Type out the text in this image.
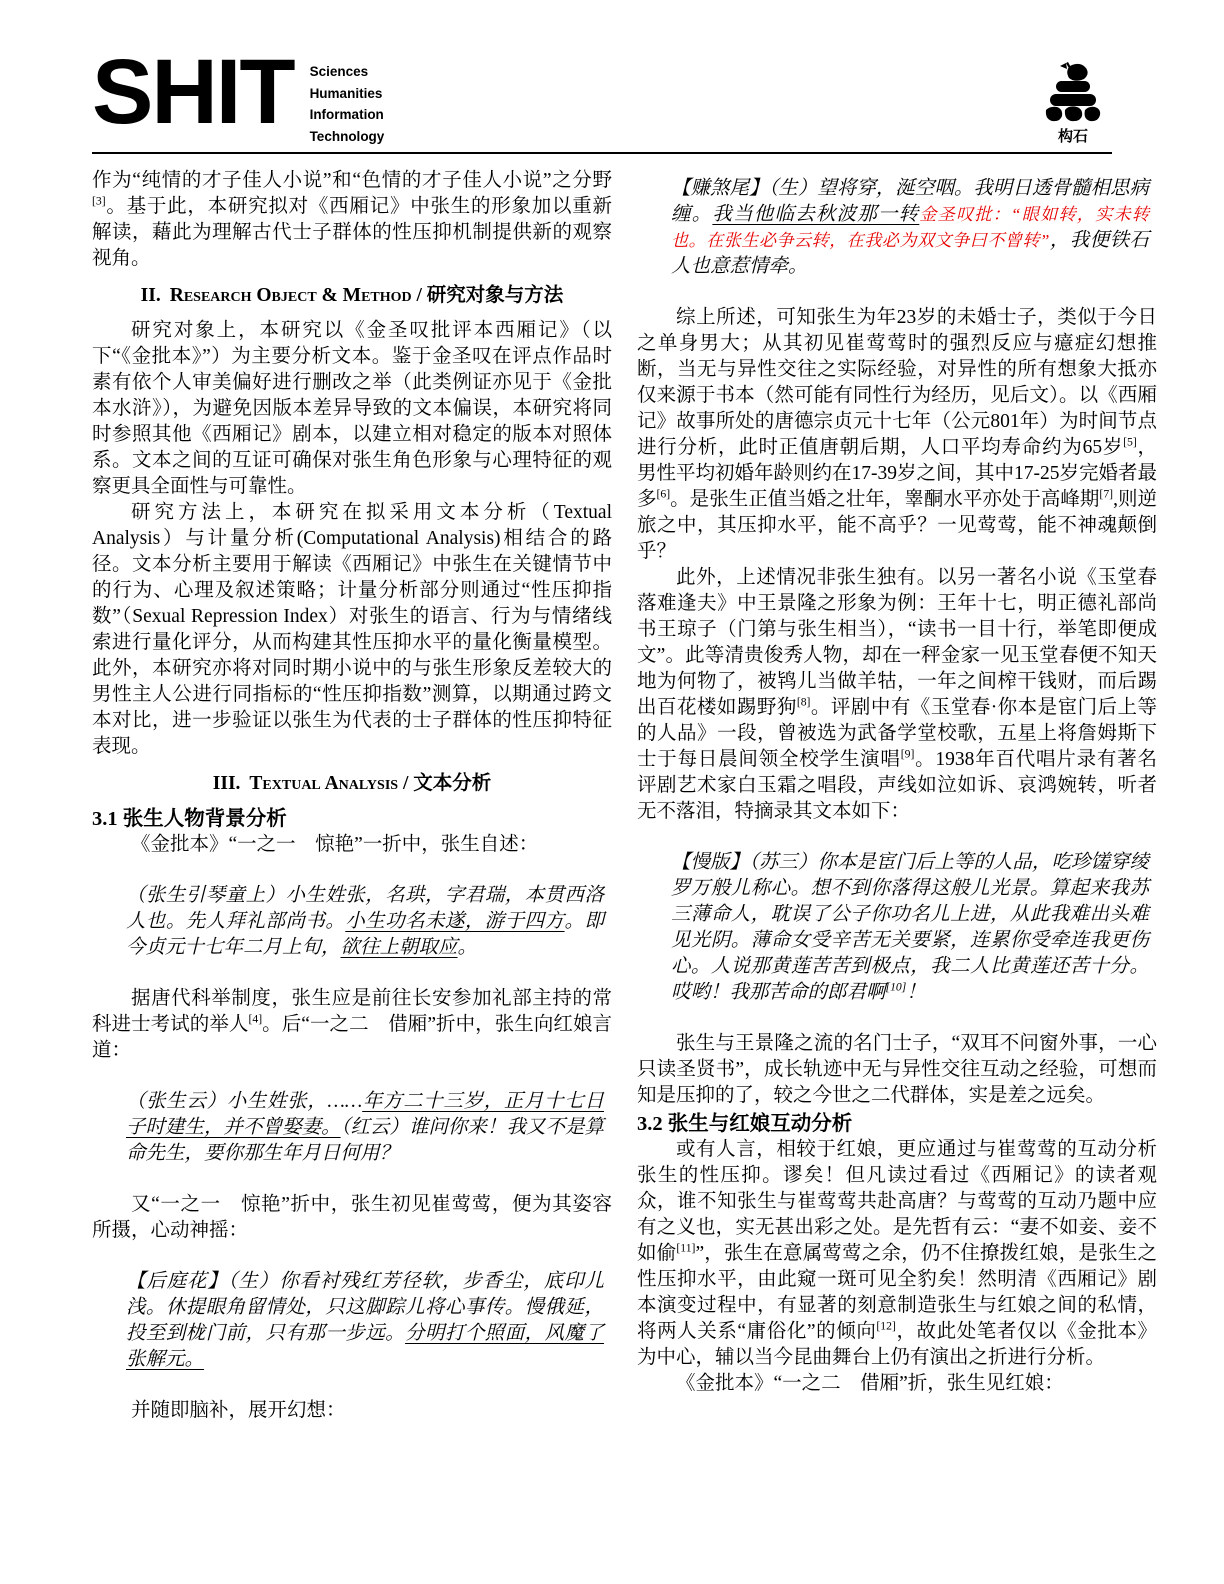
SHIT Sciences
Humanities
Information
Technology	构石
作为“纯情的才子佳人小说”和“色情的才子佳人小说”之分野[3]。基于此，本研究拟对《西厢记》中张生的形象加以重新解读，藉此为理解古代士子群体的性压抑机制提供新的观察视角。
II. Research Object & Method / 研究对象与方法
研究对象上，本研究以《金圣叹批评本西厢记》（以下“《金批本》”）为主要分析文本。鉴于金圣叹在评点作品时素有依个人审美偏好进行删改之举（此类例证亦见于《金批本水浒》），为避免因版本差异导致的文本偏误，本研究将同时参照其他《西厢记》剧本，以建立相对稳定的版本对照体系。文本之间的互证可确保对张生角色形象与心理特征的观察更具全面性与可靠性。
研究方法上，本研究在拟采用文本分析（Textual Analysis）与计量分析(Computational Analysis)相结合的路径。文本分析主要用于解读《西厢记》中张生在关键情节中的行为、心理及叙述策略；计量分析部分则通过“性压抑指数”（Sexual Repression Index）对张生的语言、行为与情绪线索进行量化评分，从而构建其性压抑水平的量化衡量模型。此外，本研究亦将对同时期小说中的与张生形象反差较大的男性主人公进行同指标的“性压抑指数”测算，以期通过跨文本对比，进一步验证以张生为代表的士子群体的性压抑特征表现。
III. Textual Analysis / 文本分析
3.1 张生人物背景分析
《金批本》“一之一　惊艳”一折中，张生自述：
（张生引琴童上）小生姓张，名珙，字君瑞，本贯西洛人也。先人拜礼部尚书。小生功名未遂，游于四方。即今贞元十七年二月上旬，欲往上朝取应。
据唐代科举制度，张生应是前往长安参加礼部主持的常科进士考试的举人[4]。后“一之二　借厢”折中，张生向红娘言道：
（张生云）小生姓张，……年方二十三岁，正月十七日子时建生，并不曾娶妻。（红云）谁问你来！我又不是算命先生，要你那生年月日何用？
又“一之一　惊艳”折中，张生初见崔莺莺，便为其姿容所摄，心动神摇：
【后庭花】（生）你看衬残红芳径软，步香尘，底印儿浅。休提眼角留情处，只这脚踪儿将心事传。慢俄延，投至到栊门前，只有那一步远。分明打个照面，风魔了张解元。
并随即脑补，展开幻想：
【赚煞尾】（生）望将穿，涎空咽。我明日透骨髓相思病缠。我当他临去秋波那一转金圣叹批：“眼如转，实未转也。在张生必争云转，在我必为双文争曰不曾转”，我便铁石人也意惹情牵。
综上所述，可知张生为年23岁的未婚士子，类似于今日之单身男大；从其初见崔莺莺时的强烈反应与癔症幻想推断，当无与异性交往之实际经验，对异性的所有想象大抵亦仅来源于书本（然可能有同性行为经历，见后文）。以《西厢记》故事所处的唐德宗贞元十七年（公元801年）为时间节点进行分析，此时正值唐朝后期，人口平均寿命约为65岁[5]，男性平均初婚年龄则约在17-39岁之间，其中17-25岁完婚者最多[6]。是张生正值当婚之壮年，睾酮水平亦处于高峰期[7],则逆旅之中，其压抑水平，能不高乎？一见莺莺，能不神魂颠倒乎？
此外，上述情况非张生独有。以另一著名小说《玉堂春落难逢夫》中王景隆之形象为例：王年十七，明正德礼部尚书王琼子（门第与张生相当），“读书一目十行，举笔即便成文”。此等清贵俊秀人物，却在一秤金家一见玉堂春便不知天地为何物了，被鸨儿当做羊牯，一年之间榨干钱财，而后踢出百花楼如踢野狗[8]。评剧中有《玉堂春·你本是宦门后上等的人品》一段，曾被选为武备学堂校歌，五星上将詹姆斯下士于每日晨间领全校学生演唱[9]。1938年百代唱片录有著名评剧艺术家白玉霜之唱段，声线如泣如诉、哀鸿婉转，听者无不落泪，特摘录其文本如下：
【慢版】（苏三）你本是宦门后上等的人品，吃珍馐穿绫罗万般儿称心。想不到你落得这般儿光景。算起来我苏三薄命人，耽误了公子你功名儿上进，从此我难出头难见光阴。薄命女受辛苦无关要紧，连累你受牵连我更伤心。人说那黄莲苦苦到极点，我二人比黄莲还苦十分。哎哟！我那苦命的郎君啊[10]！
张生与王景隆之流的名门士子，“双耳不问窗外事，一心只读圣贤书”，成长轨迹中无与异性交往互动之经验，可想而知是压抑的了，较之今世之二代群体，实是差之远矣。
3.2 张生与红娘互动分析
或有人言，相较于红娘，更应通过与崔莺莺的互动分析张生的性压抑。谬矣！但凡读过看过《西厢记》的读者观众，谁不知张生与崔莺莺共赴高唐？与莺莺的互动乃题中应有之义也，实无甚出彩之处。是先哲有云：“妻不如妾、妾不如偷[11]”，张生在意属莺莺之余，仍不住撩拨红娘，是张生之性压抑水平，由此窥一斑可见全豹矣！然明清《西厢记》剧本演变过程中，有显著的刻意制造张生与红娘之间的私情，将两人关系“庸俗化”的倾向[12]，故此处笔者仅以《金批本》为中心，辅以当今昆曲舞台上仍有演出之折进行分析。
《金批本》“一之二　借厢”折，张生见红娘：
